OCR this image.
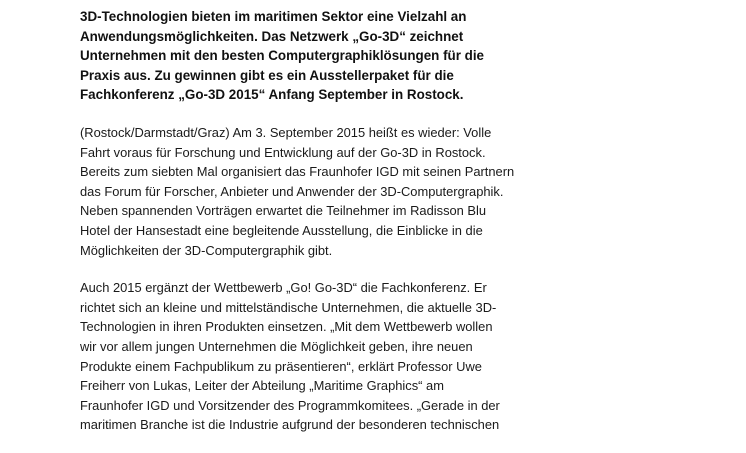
3D-Technologien bieten im maritimen Sektor eine Vielzahl an
Anwendungsmöglichkeiten. Das Netzwerk „Go-3D“ zeichnet
Unternehmen mit den besten Computergraphiklösungen für die
Praxis aus. Zu gewinnen gibt es ein Ausstellerpaket für die
Fachkonferenz „Go-3D 2015“ Anfang September in Rostock.

(Rostock/Darmstadt/Graz) Am 3. September 2015 heißt es wieder: Volle
Fahrt voraus für Forschung und Entwicklung auf der Go-3D in Rostock.
Bereits zum siebten Mal organisiert das Fraunhofer IGD mit seinen Partnern
das Forum für Forscher, Anbieter und Anwender der 3D-Computergraphik.
Neben spannenden Vorträgen erwartet die Teilnehmer im Radisson Blu
Hotel der Hansestadt eine begleitende Ausstellung, die Einblicke in die
Möglichkeiten der 3D-Computergraphik gibt.

Auch 2015 ergänzt der Wettbewerb „Go! Go-3D“ die Fachkonferenz. Er
richtet sich an kleine und mittelständische Unternehmen, die aktuelle 3D-
Technologien in ihren Produkten einsetzen. „Mit dem Wettbewerb wollen
wir vor allem jungen Unternehmen die Möglichkeit geben, ihre neuen
Produkte einem Fachpublikum zu präsentieren“, erklärt Professor Uwe
Freiherr von Lukas, Leiter der Abteilung „Maritime Graphics“ am
Fraunhofer IGD und Vorsitzender des Programmkomitees. „Gerade in der
maritimen Branche ist die Industrie aufgrund der besonderen technischen
